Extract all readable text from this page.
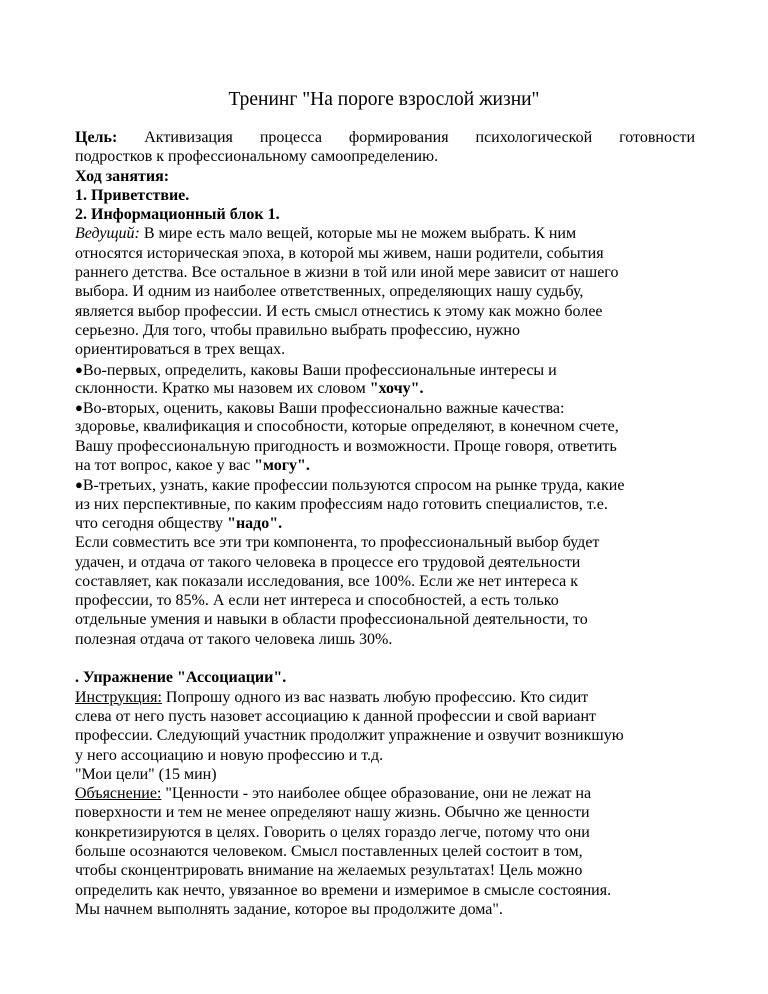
Тренинг "На пороге взрослой жизни"
Цель: Активизация процесса формирования психологической готовности
подростков к профессиональному самоопределению.
Ход занятия:
1. Приветствие.
2. Информационный блок 1.
Ведущий: В мире есть мало вещей, которые мы не можем выбрать. К ним
относятся историческая эпоха, в которой мы живем, наши родители, события
раннего детства. Все остальное в жизни в той или иной мере зависит от нашего
выбора. И одним из наиболее ответственных, определяющих нашу судьбу,
является выбор профессии. И есть смысл отнестись к этому как можно более
серьезно. Для того, чтобы правильно выбрать профессию, нужно
ориентироваться в трех вещах.
●Во-первых, определить, каковы Ваши профессиональные интересы и
склонности. Кратко мы назовем их словом "хочу".
●Во-вторых, оценить, каковы Ваши профессионально важные качества:
здоровье, квалификация и способности, которые определяют, в конечном счете,
Вашу профессиональную пригодность и возможности. Проще говоря, ответить
на тот вопрос, какое у вас "могу".
●В-третьих, узнать, какие профессии пользуются спросом на рынке труда, какие
из них перспективные, по каким профессиям надо готовить специалистов, т.е.
что сегодня обществу "надо".
Если совместить все эти три компонента, то профессиональный выбор будет
удачен, и отдача от такого человека в процессе его трудовой деятельности
составляет, как показали исследования, все 100%. Если же нет интереса к
профессии, то 85%. А если нет интереса и способностей, а есть только
отдельные умения и навыки в области профессиональной деятельности, то
полезная отдача от такого человека лишь 30%.
. Упражнение "Ассоциации".
Инструкция: Попрошу одного из вас назвать любую профессию. Кто сидит
слева от него пусть назовет ассоциацию к данной профессии и свой вариант
профессии. Следующий участник продолжит упражнение и озвучит возникшую
у него ассоциацию и новую профессию и т.д.
"Мои цели" (15 мин)
Объяснение: "Ценности - это наиболее общее образование, они не лежат на
поверхности и тем не менее определяют нашу жизнь. Обычно же ценности
конкретизируются в целях. Говорить о целях гораздо легче, потому что они
больше осознаются человеком. Смысл поставленных целей состоит в том,
чтобы сконцентрировать внимание на желаемых результатах! Цель можно
определить как нечто, увязанное во времени и измеримое в смысле состояния.
Мы начнем выполнять задание, которое вы продолжите дома".
